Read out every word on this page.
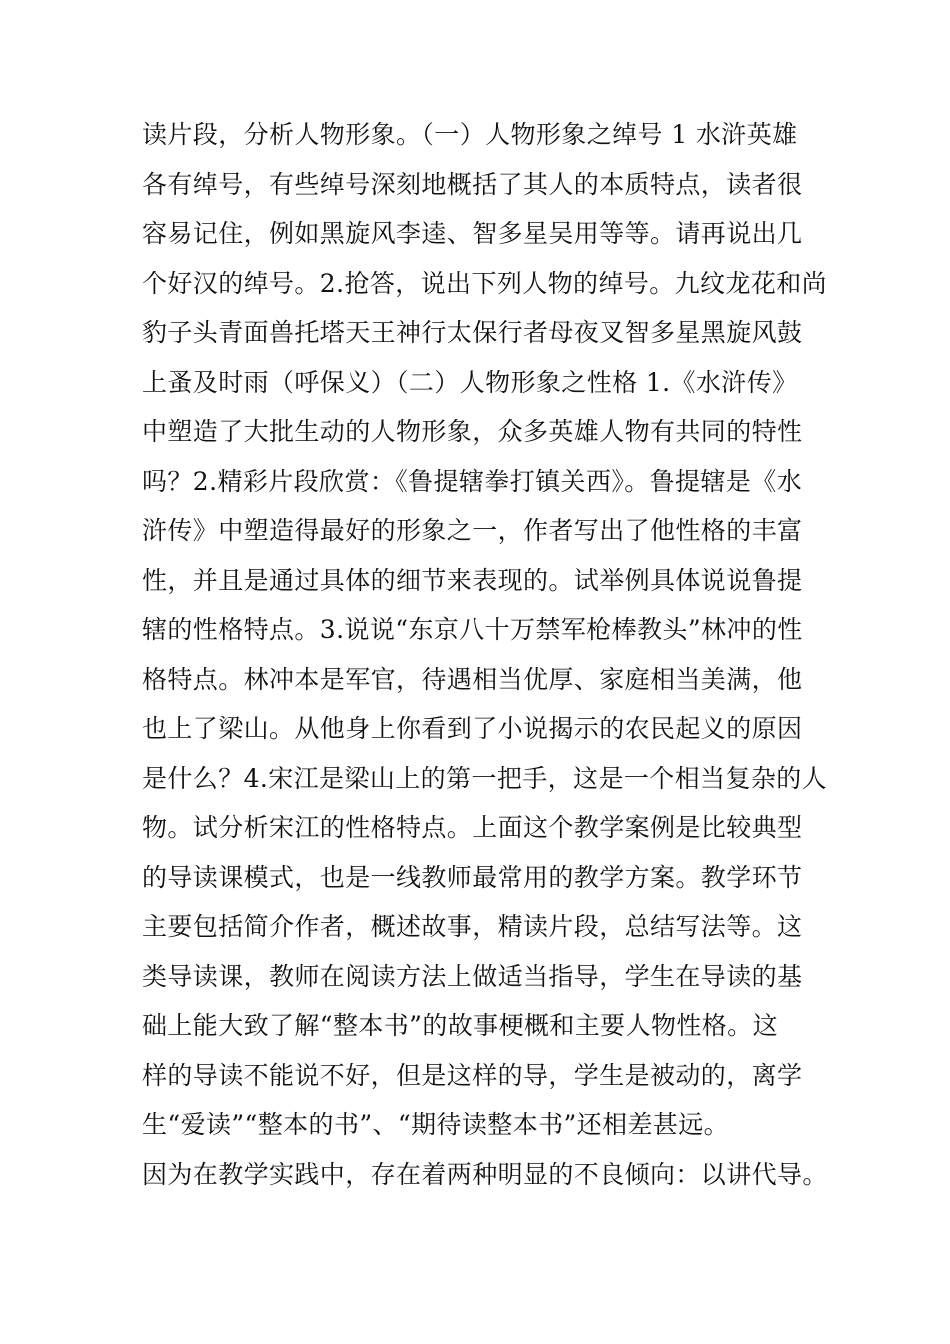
读片段，分析人物形象。（一）人物形象之绰号 1 水浒英雄
各有绰号，有些绰号深刻地概括了其人的本质特点，读者很
容易记住，例如黑旋风李逵、智多星吴用等等。请再说出几
个好汉的绰号。2.抢答，说出下列人物的绰号。九纹龙花和尚
豹子头青面兽托塔天王神行太保行者母夜叉智多星黑旋风鼓
上蚤及时雨（呼保义）（二）人物形象之性格 1.《水浒传》
中塑造了大批生动的人物形象，众多英雄人物有共同的特性
吗？2.精彩片段欣赏：《鲁提辖拳打镇关西》。鲁提辖是《水
浒传》中塑造得最好的形象之一，作者写出了他性格的丰富
性，并且是通过具体的细节来表现的。试举例具体说说鲁提
辖的性格特点。3.说说“东京八十万禁军枪棒教头”林冲的性
格特点。林冲本是军官，待遇相当优厚、家庭相当美满，他
也上了梁山。从他身上你看到了小说揭示的农民起义的原因
是什么？4.宋江是梁山上的第一把手，这是一个相当复杂的人
物。试分析宋江的性格特点。上面这个教学案例是比较典型
的导读课模式，也是一线教师最常用的教学方案。教学环节
主要包括简介作者，概述故事，精读片段，总结写法等。这
类导读课，教师在阅读方法上做适当指导，学生在导读的基
础上能大致了解“整本书”的故事梗概和主要人物性格。这
样的导读不能说不好，但是这样的导，学生是被动的，离学
生“爱读”“整本的书”、“期待读整本书”还相差甚远。
因为在教学实践中，存在着两种明显的不良倾向：以讲代导。
